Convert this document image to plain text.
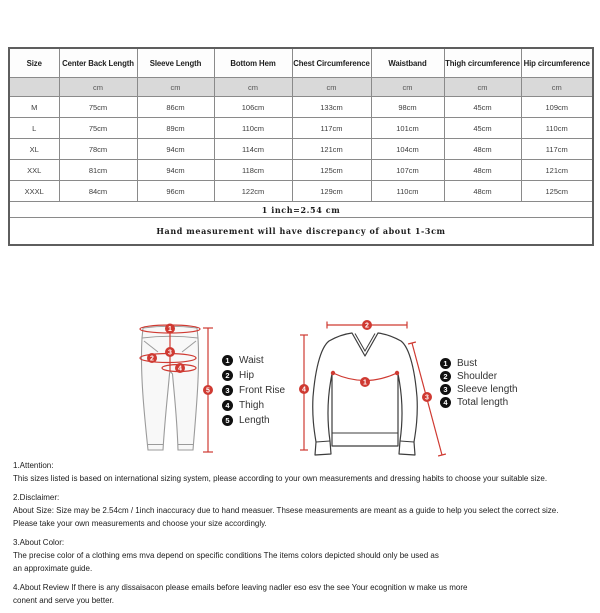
Size	Center Back Length	Sleeve Length	Bottom Hem	Chest Circumference	Waistband	Thigh circumference	Hip circumference
	cm	cm	cm	cm	cm	cm	cm
M	75cm	86cm	106cm	133cm	98cm	45cm	109cm
L	75cm	89cm	110cm	117cm	101cm	45cm	110cm
XL	78cm	94cm	114cm	121cm	104cm	48cm	117cm
XXL	81cm	94cm	118cm	125cm	107cm	48cm	121cm
XXXL	84cm	96cm	122cm	129cm	110cm	48cm	125cm
1 inch=2.54 cm							
Hand measurement will have discrepancy of about 1-3cm							
1
2
3
4
5
1 Waist
2 Hip
3 Front Rise
4 Thigh
5 Length
1
2
3
4
1 Bust
2 Shoulder
3 Sleeve length
4 Total length
1.Attention:
This sizes listed is based on international sizing system, please according to your own measurements and dressing habits to choose your suitable size.
2.Disclaimer:
About Size: Size may be 2.54cm / 1inch inaccuracy due to hand measuer. Thsese measurements are meant as a guide to help you select the correct size.
Please take your own measurements and choose your size accordingly.
3.About Color:
The precise color of a clothing ems mva depend on specific conditions The items colors depicted should only be used as
an approximate guide.
4.About Review If there is any dissaisacon please emails before leaving nadler eso esv the see Your ecognition w make us more
conent and serve you better.
